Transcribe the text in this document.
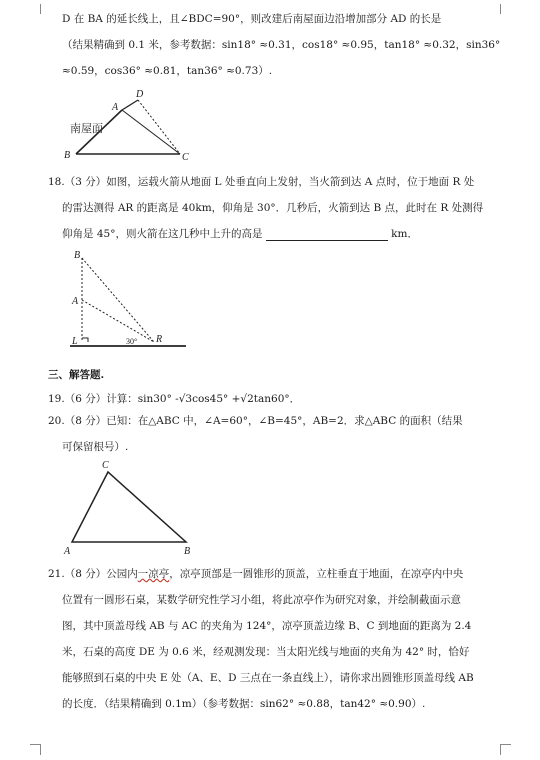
D 在 BA 的延长线上，且∠BDC=90°，则改建后南屋面边沿增加部分 AD 的长是
（结果精确到 0.1 米，参考数据：sin18° ≈0.31，cos18° ≈0.95，tan18° ≈0.32，sin36°
≈0.59，cos36° ≈0.81，tan36° ≈0.73）.
南屋面
A
D
B	C
18.（3 分）如图，运载火箭从地面 L 处垂直向上发射，当火箭到达 A 点时，位于地面 R 处
的雷达测得 AR 的距离是 40km，仰角是 30°．几秒后，火箭到达 B 点，此时在 R 处测得
仰角是 45°，则火箭在这几秒中上升的高是	km．
B
A
L	30° R
三、解答题.
19.（6 分）计算：sin30° -√3cos45° +√2tan60°．
20.（8 分）已知：在△ABC 中，∠A=60°，∠B=45°，AB=2．求△ABC 的面积（结果
可保留根号）.
C
A	B
21.（8 分）公园内一凉亭，凉亭顶部是一圆锥形的顶盖，立柱垂直于地面，在凉亭内中央
位置有一圆形石桌，某数学研究性学习小组，将此凉亭作为研究对象，并绘制截面示意
图，其中顶盖母线 AB 与 AC 的夹角为 124°，凉亭顶盖边缘 B、C 到地面的距离为 2.4
米，石桌的高度 DE 为 0.6 米，经观测发现：当太阳光线与地面的夹角为 42° 时，恰好
能够照到石桌的中央 E 处（A、E、D 三点在一条直线上），请你求出圆锥形顶盖母线 AB
的长度．（结果精确到 0.1m）（参考数据：sin62° ≈0.88，tan42° ≈0.90）.
